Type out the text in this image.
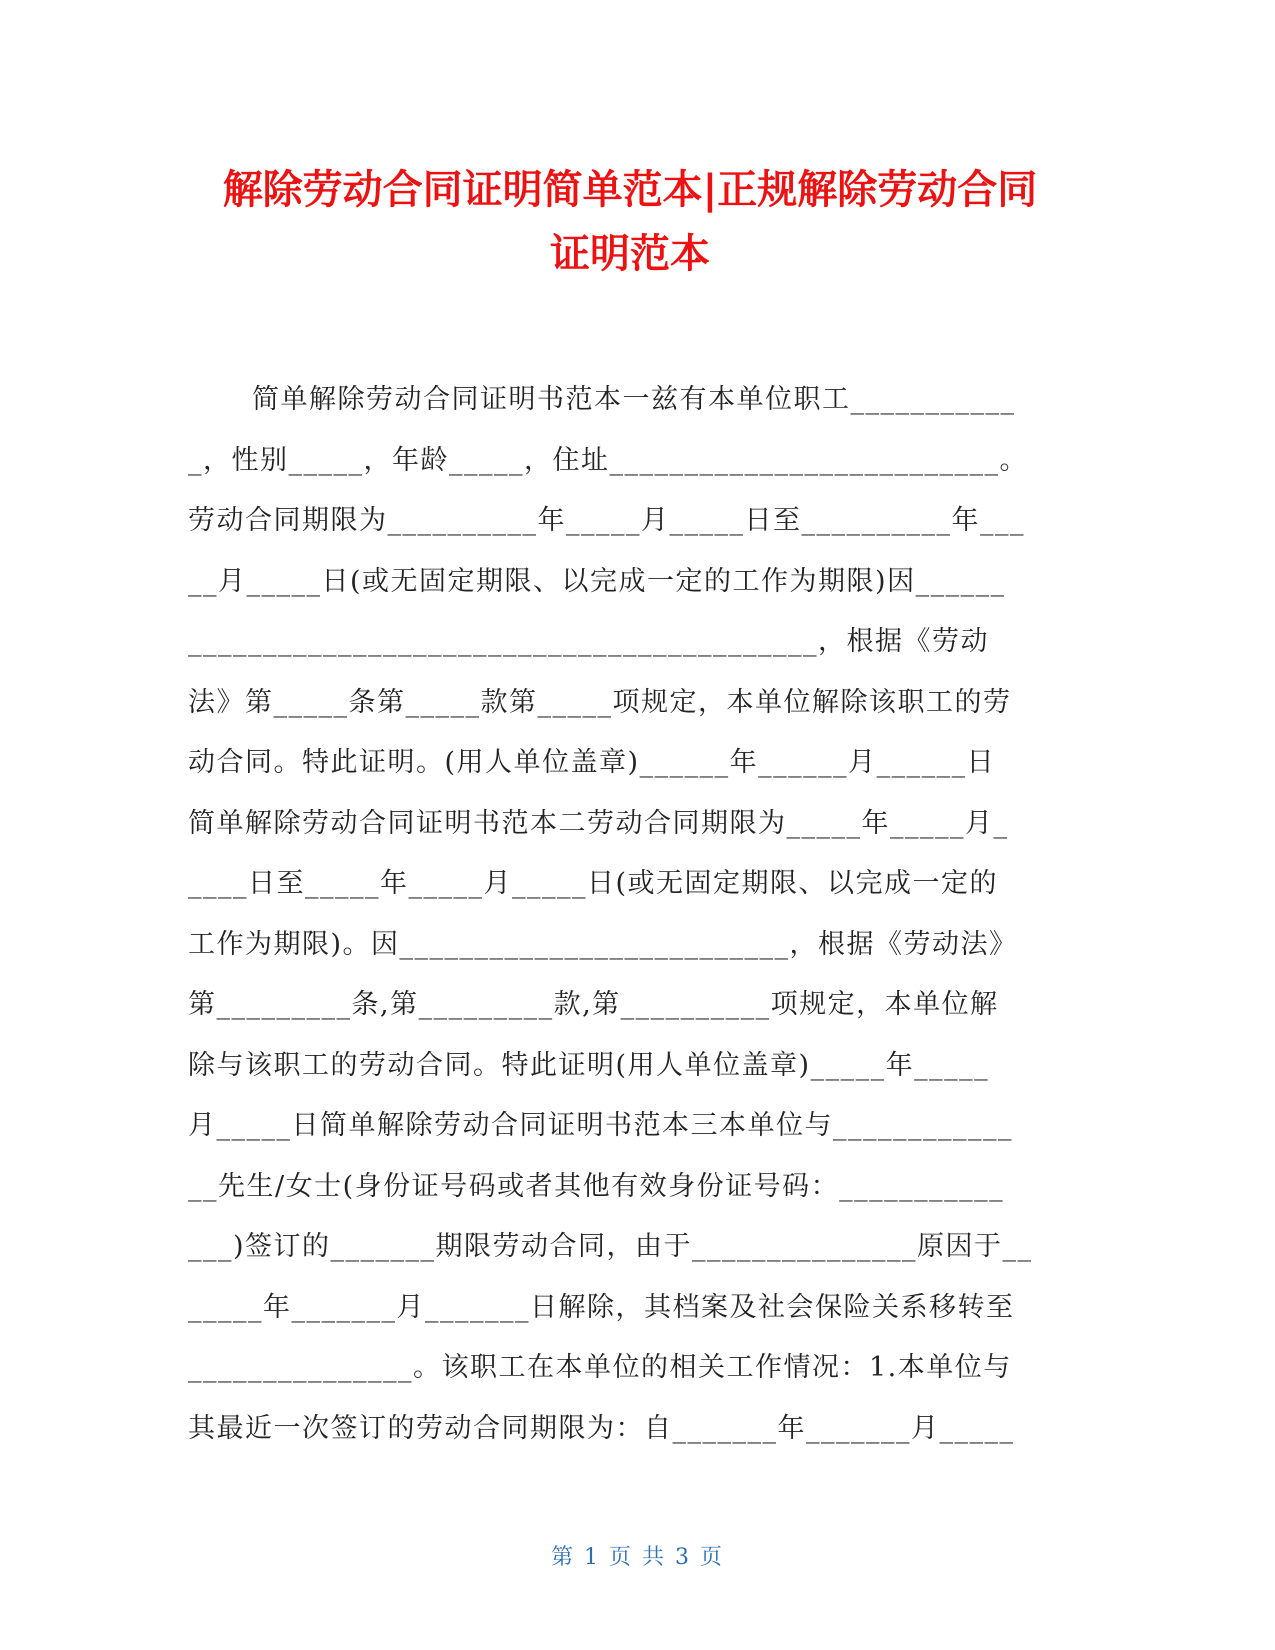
解除劳动合同证明简单范本|正规解除劳动合同
证明范本
简单解除劳动合同证明书范本一兹有本单位职工___________
_，性别_____，年龄_____，住址__________________________。
劳动合同期限为__________年_____月_____日至__________年___
__月_____日(或无固定期限、以完成一定的工作为期限)因______
__________________________________________，根据《劳动
法》第_____条第_____款第_____项规定，本单位解除该职工的劳
动合同。特此证明。(用人单位盖章)______年______月______日
简单解除劳动合同证明书范本二劳动合同期限为_____年_____月_
____日至_____年_____月_____日(或无固定期限、以完成一定的
工作为期限)。因__________________________，根据《劳动法》
第_________条,第_________款,第__________项规定，本单位解
除与该职工的劳动合同。特此证明(用人单位盖章)_____年_____
月_____日简单解除劳动合同证明书范本三本单位与____________
__先生/女士(身份证号码或者其他有效身份证号码：___________
___)签订的_______期限劳动合同，由于_______________原因于__
_____年_______月_______日解除，其档案及社会保险关系移转至
_______________。该职工在本单位的相关工作情况：1.本单位与
其最近一次签订的劳动合同期限为：自_______年_______月_____
第 1 页 共 3 页
